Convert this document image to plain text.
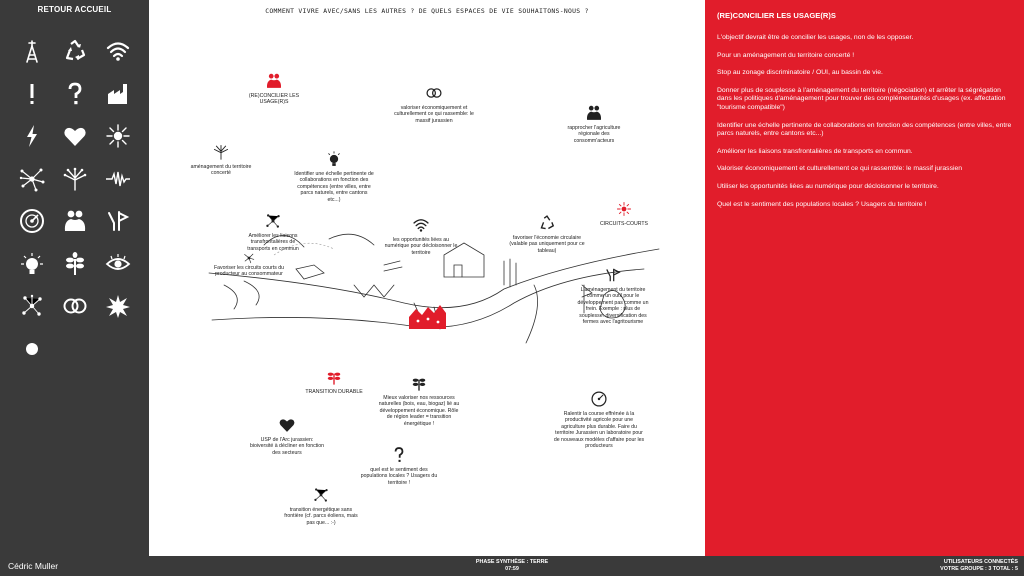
RETOUR ACCUEIL	COMMENT VIVRE AVEC/SANS LES AUTRES ? DE QUELS ESPACES DE VIE SOUHAITONS-NOUS ?
(RE)CONCILIER LES USAGE(R)S
valoriser économiquement et culturellement ce qui rassemble: le massif jurassien
rapprocher l'agriculture régionale des consomm'acteurs
aménagement du territoire concerté	Identifier une échelle pertinente de collaborations en fonction des compétences (entre villes, entre parcs naturels, entre cantons etc...)
Améliorer les liaisons transfrontalières de transports en commun
Favoriser les circuits courts du producteur au consommateur
les opportunités liées au numérique pour décloisonner le territoire
favoriser l'économie circulaire (valable pas uniquement pour ce tableau)
CIRCUITS-COURTS
L'aménagement du territoire comme un outil pour le développement pas comme un frein. Exemple : plus de souplesse: diversification des fermes avec l'agritourisme
TRANSITION DURABLE
Mieux valoriser nos ressources naturelles (bois, eau, biogaz) lié au développement économique. Rôle de région leader = transition énergétique !
Ralentir la course effrénée à la productivité agricole pour une agriculture plus durable. Faire du territoire Jurassien un laboratoire pour de nouveaux modèles d'affaire pour les producteurs
USP de l'Arc jurassien: bioiversité à décliner en fonction des secteurs
quel est le sentiment des populations locales ? Usagers du territoire !
transition énergétique sans frontière (cf. parcs éoliens, mais pas que... :-)
(RE)CONCILIER LES USAGE(R)S
L'objectif devrait être de concilier les usages, non de les opposer.
Pour un aménagement du territoire concerté !
Stop au zonage discriminatoire / OUI, au bassin de vie.
Donner plus de souplesse à l'aménagement du territoire (négociation) et arrêter la ségrégation dans les politiques d'aménagement pour trouver des complémentarités d'usages (ex. affectation "tourisme compatible")
Identifier une échelle pertinente de collaborations en fonction des compétences (entre villes, entre parcs naturels, entre cantons etc...)
Améliorer les liaisons transfrontalières de transports en commun.
Valoriser économiquement et culturellement ce qui rassemble: le massif jurassien
Utiliser les opportunités liées au numérique pour décloisonner le territoire.
Quel est le sentiment des populations locales ? Usagers du territoire !
Cédric Muller	PHASE SYNTHÈSE : TERRE
07:59
UTILISATEURS CONNECTÉS
VOTRE GROUPE : 3 TOTAL : 5
